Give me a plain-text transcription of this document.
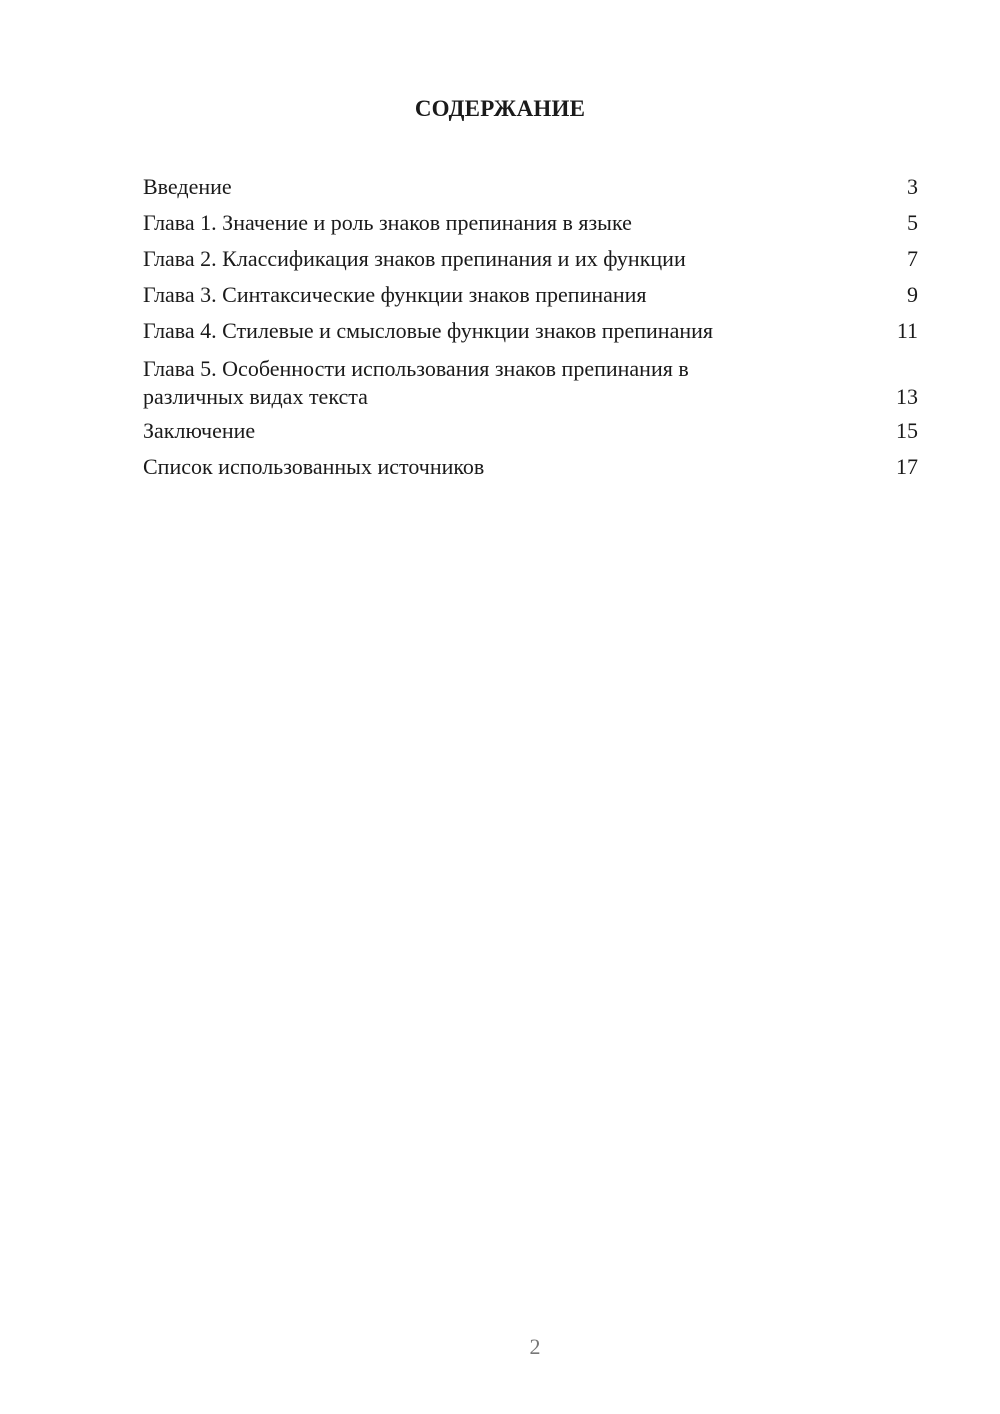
СОДЕРЖАНИЕ
Введение	3
Глава 1. Значение и роль знаков препинания в языке	5
Глава 2. Классификация знаков препинания и их функции	7
Глава 3. Синтаксические функции знаков препинания	9
Глава 4. Стилевые и смысловые функции знаков препинания	11
Глава 5. Особенности использования знаков препинания в различных видах текста	13
Заключение	15
Список использованных источников	17
2
